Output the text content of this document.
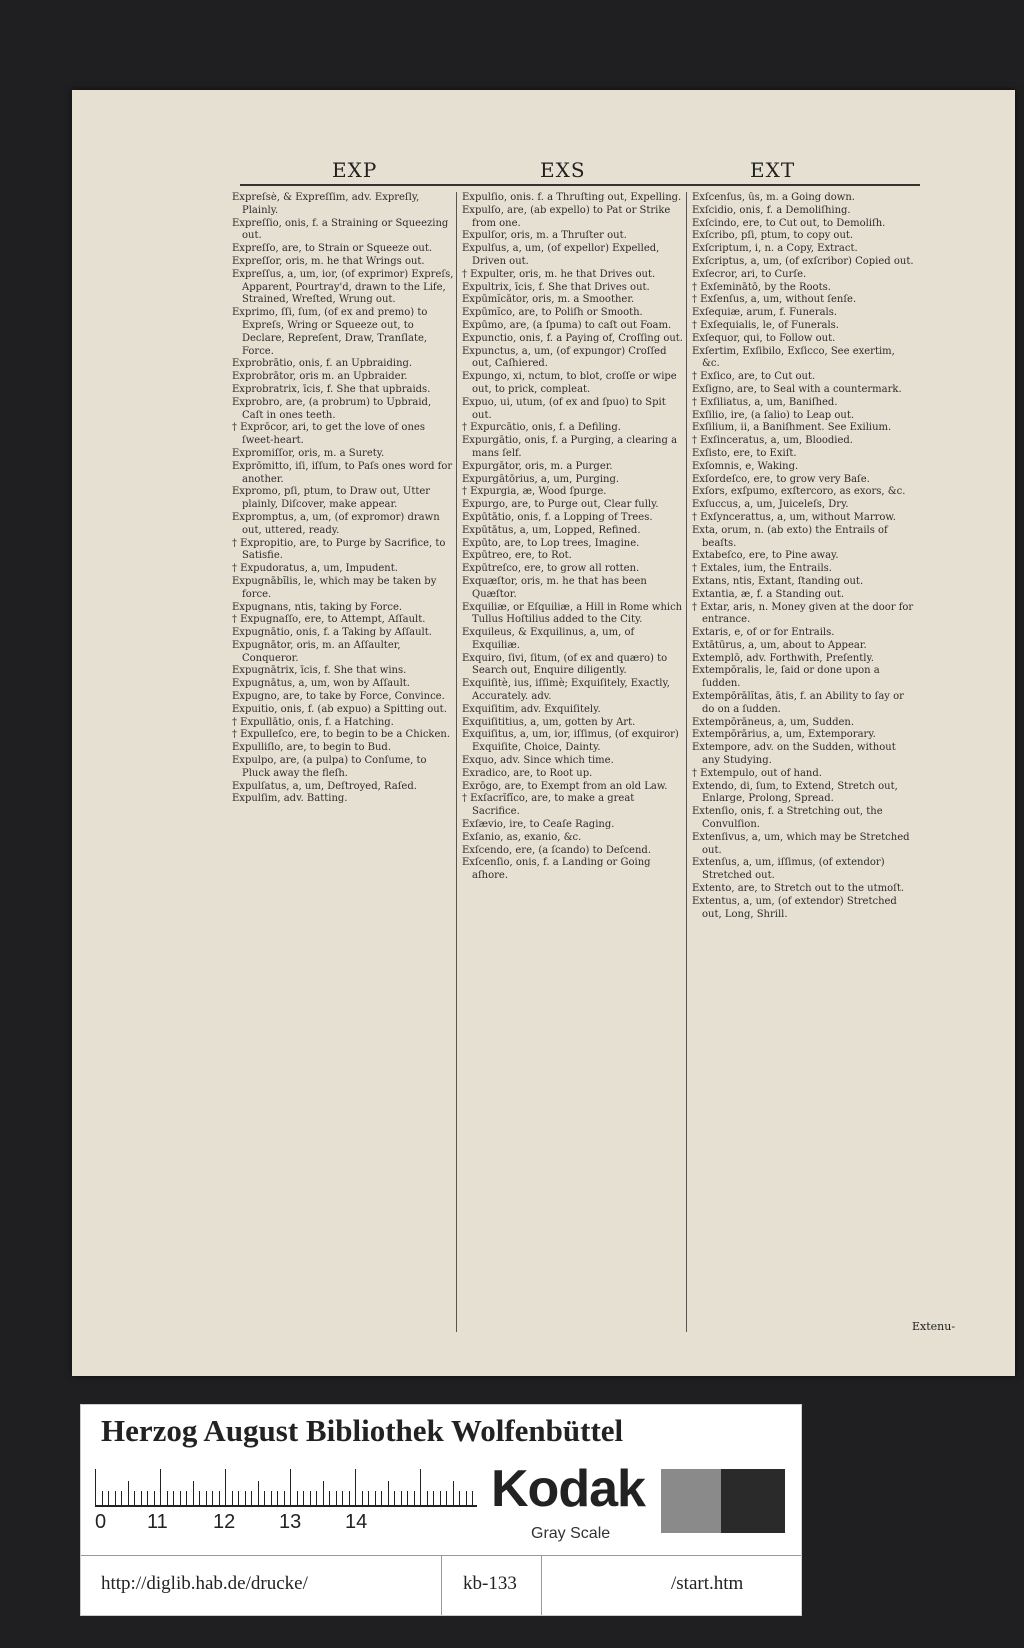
EXP	EXS	EXT

Expreſsè, & Expreſſim, adv. Expreſly, Plainly.

Expreſſio, onis, f. a Straining or Squeezing out.

Expreſſo, are, to Strain or Squeeze out.

Expreſſor, oris, m. he that Wrings out.

Expreſſus, a, um, ior, (of exprimor) Expreſs, Apparent, Pourtray'd, drawn to the Life, Strained, Wreſted, Wrung out.

Exprimo, ſſi, ſum, (of ex and premo) to Expreſs, Wring or Squeeze out, to Declare, Repreſent, Draw, Tranſlate, Force.

Exprobrātio, onis, f. an Upbraiding.

Exprobrātor, oris m. an Upbraider.

Exprobratrix, īcis, f. She that upbraids.

Exprobro, are, (a probrum) to Upbraid, Caſt in ones teeth.

† Exprōcor, ari, to get the love of ones ſweet-heart.

Expromiſſor, oris, m. a Surety.

Exprōmitto, iſi, iſſum, to Paſs ones word for another.

Expromo, pſi, ptum, to Draw out, Utter plainly, Diſcover, make appear.

Expromptus, a, um, (of expromor) drawn out, uttered, ready.

† Expropitio, are, to Purge by Sacrifice, to Satisfie.

† Expudoratus, a, um, Impudent.

Expugnābĭlis, le, which may be taken by force.

Expugnans, ntis, taking by Force.

† Expugnaſſo, ere, to Attempt, Aſſault.

Expugnātio, onis, f. a Taking by Aſſault.

Expugnātor, oris, m. an Aſſaulter, Conqueror.

Expugnātrix, īcis, f. She that wins.

Expugnātus, a, um, won by Aſſault.

Expugno, are, to take by Force, Convince.

Expuitio, onis, f. (ab expuo) a Spitting out.

† Expullātio, onis, f. a Hatching.

† Expulleſco, ere, to begin to be a Chicken.

Expulliſlo, are, to begin to Bud.

Expulpo, are, (a pulpa) to Conſume, to Pluck away the fleſh.

Expulſatus, a, um, Deſtroyed, Raſed.

Expulſim, adv. Batting.

Expulſio, onis. f. a Thruſting out, Expelling.

Expulſo, are, (ab expello) to Pat or Strike from one.

Expulſor, oris, m. a Thruſter out.

Expulſus, a, um, (of expellor) Expelled, Driven out.

† Expulter, oris, m. he that Drives out.

Expultrix, īcis, f. She that Drives out.

Expūmĭcātor, oris, m. a Smoother.

Expūmĭco, are, to Poliſh or Smooth.

Expūmo, are, (a ſpuma) to caſt out Foam.

Expunctio, onis, f. a Paying of, Croſſing out.

Expunctus, a, um, (of expungor) Croſſed out, Caſhiered.

Expungo, xi, nctum, to blot, croſſe or wipe out, to prick, compleat.

Expuo, ui, utum, (of ex and ſpuo) to Spit out.

† Expurcātio, onis, f. a Defiling.

Expurgātio, onis, f. a Purging, a clearing a mans ſelf.

Expurgātor, oris, m. a Purger.

Expurgātōrius, a, um, Purging.

† Expurgia, æ, Wood ſpurge.

Expurgo, are, to Purge out, Clear fully.

Expūtātio, onis, f. a Lopping of Trees.

Expūtātus, a, um, Lopped, Refined.

Expūto, are, to Lop trees, Imagine.

Expūtreo, ere, to Rot.

Expūtreſco, ere, to grow all rotten.

Exquæſtor, oris, m. he that has been Quæſtor.

Exquiliæ, or Eſquiliæ, a Hill in Rome which Tullus Hoſtilius added to the City.

Exquileus, & Exquilinus, a, um, of Exquiliæ.

Exquiro, ſivi, ſitum, (of ex and quæro) to Search out, Enquire diligently.

Exquiſitè, ius, iſſimè; Exquiſitely, Exactly, Accurately. adv.

Exquiſitim, adv. Exquiſitely.

Exquiſititius, a, um, gotten by Art.

Exquiſitus, a, um, ior, iſſimus, (of exquiror) Exquiſite, Choice, Dainty.

Exquo, adv. Since which time.

Exradico, are, to Root up.

Exrōgo, are, to Exempt from an old Law.

† Exſacrĭfĭco, are, to make a great Sacrifice.

Exſævio, ire, to Ceaſe Raging.

Exſanio, as, exanio, &c.

Exſcendo, ere, (a ſcando) to Deſcend.

Exſcenſio, onis, f. a Landing or Going aſhore.

Exſcenſus, ûs, m. a Going down.

Exſcidio, onis, f. a Demoliſhing.

Exſcindo, ere, to Cut out, to Demoliſh.

Exſcribo, pſi, ptum, to copy out.

Exſcriptum, i, n. a Copy, Extract.

Exſcriptus, a, um, (of exſcribor) Copied out.

Exſecror, ari, to Curſe.

† Exſeminātō, by the Roots.

† Exſenſus, a, um, without ſenſe.

Exſequiæ, arum, f. Funerals.

† Exſequialis, le, of Funerals.

Exſequor, qui, to Follow out.

Exſertim, Exſibilo, Exſicco, See exertim, &c.

† Exſico, are, to Cut out.

Exſigno, are, to Seal with a countermark.

† Exſiliatus, a, um, Baniſhed.

Exſilio, ire, (a ſalio) to Leap out.

Exſilium, ii, a Baniſhment. See Exilium.

† Exſinceratus, a, um, Bloodied.

Exſisto, ere, to Exiſt.

Exſomnis, e, Waking.

Exſordeſco, ere, to grow very Baſe.

Exſors, exſpumo, exſtercoro, as exors, &c.

Exſuccus, a, um, Juiceleſs, Dry.

† Exſyncerattus, a, um, without Marrow.

Exta, orum, n. (ab exto) the Entrails of beaſts.

Extabeſco, ere, to Pine away.

† Extales, ium, the Entrails.

Extans, ntis, Extant, ſtanding out.

Extantia, æ, f. a Standing out.

† Extar, aris, n. Money given at the door for entrance.

Extaris, e, of or for Entrails.

Extātūrus, a, um, about to Appear.

Extemplō, adv. Forthwith, Preſently.

Extempōralis, le, ſaid or done upon a ſudden.

Extempōrālĭtas, ātis, f. an Ability to ſay or do on a ſudden.

Extempōrāneus, a, um, Sudden.

Extempōrārius, a, um, Extemporary.

Extempore, adv. on the Sudden, without any Studying.

† Extempulo, out of hand.

Extendo, di, ſum, to Extend, Stretch out, Enlarge, Prolong, Spread.

Extenſio, onis, f. a Stretching out, the Convulſion.

Extenſivus, a, um, which may be Stretched out.

Extenſus, a, um, iſſimus, (of extendor) Stretched out.

Extento, are, to Stretch out to the utmoſt.

Extentus, a, um, (of extendor) Stretched out, Long, Shrill.

Extenu-
Herzog August Bibliothek Wolfenbüttel
0 11 12 13 14
Kodak
Gray Scale
http://diglib.hab.de/drucke/	kb-133	/start.htm
